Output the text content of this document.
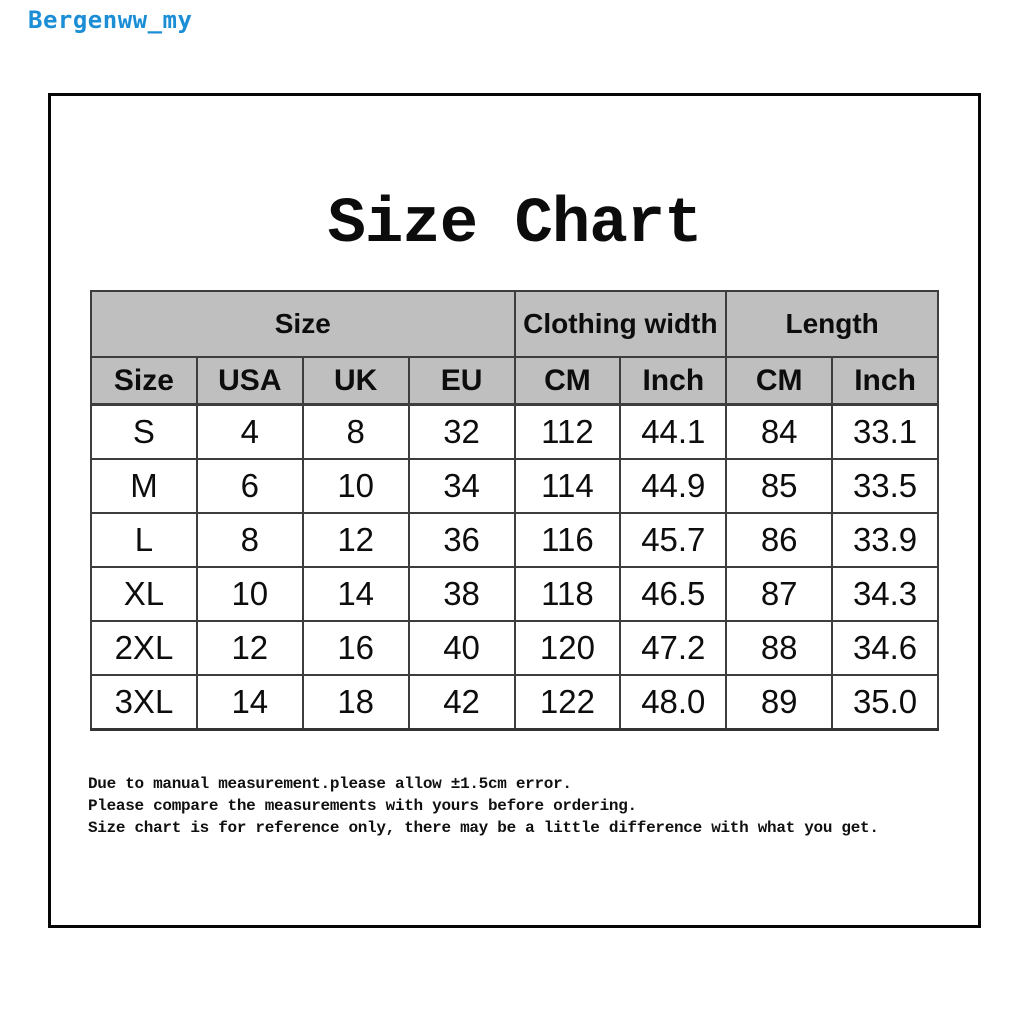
Bergenww_my
Size Chart
Size				Clothing width		Length	
Size	USA	UK	EU	CM	Inch	CM	Inch
S	4	8	32	112	44.1	84	33.1
M	6	10	34	114	44.9	85	33.5
L	8	12	36	116	45.7	86	33.9
XL	10	14	38	118	46.5	87	34.3
2XL	12	16	40	120	47.2	88	34.6
3XL	14	18	42	122	48.0	89	35.0
Due to manual measurement.please allow ±1.5cm error.
Please compare the measurements with yours before ordering.
Size chart is for reference only, there may be a little difference with what you get.
